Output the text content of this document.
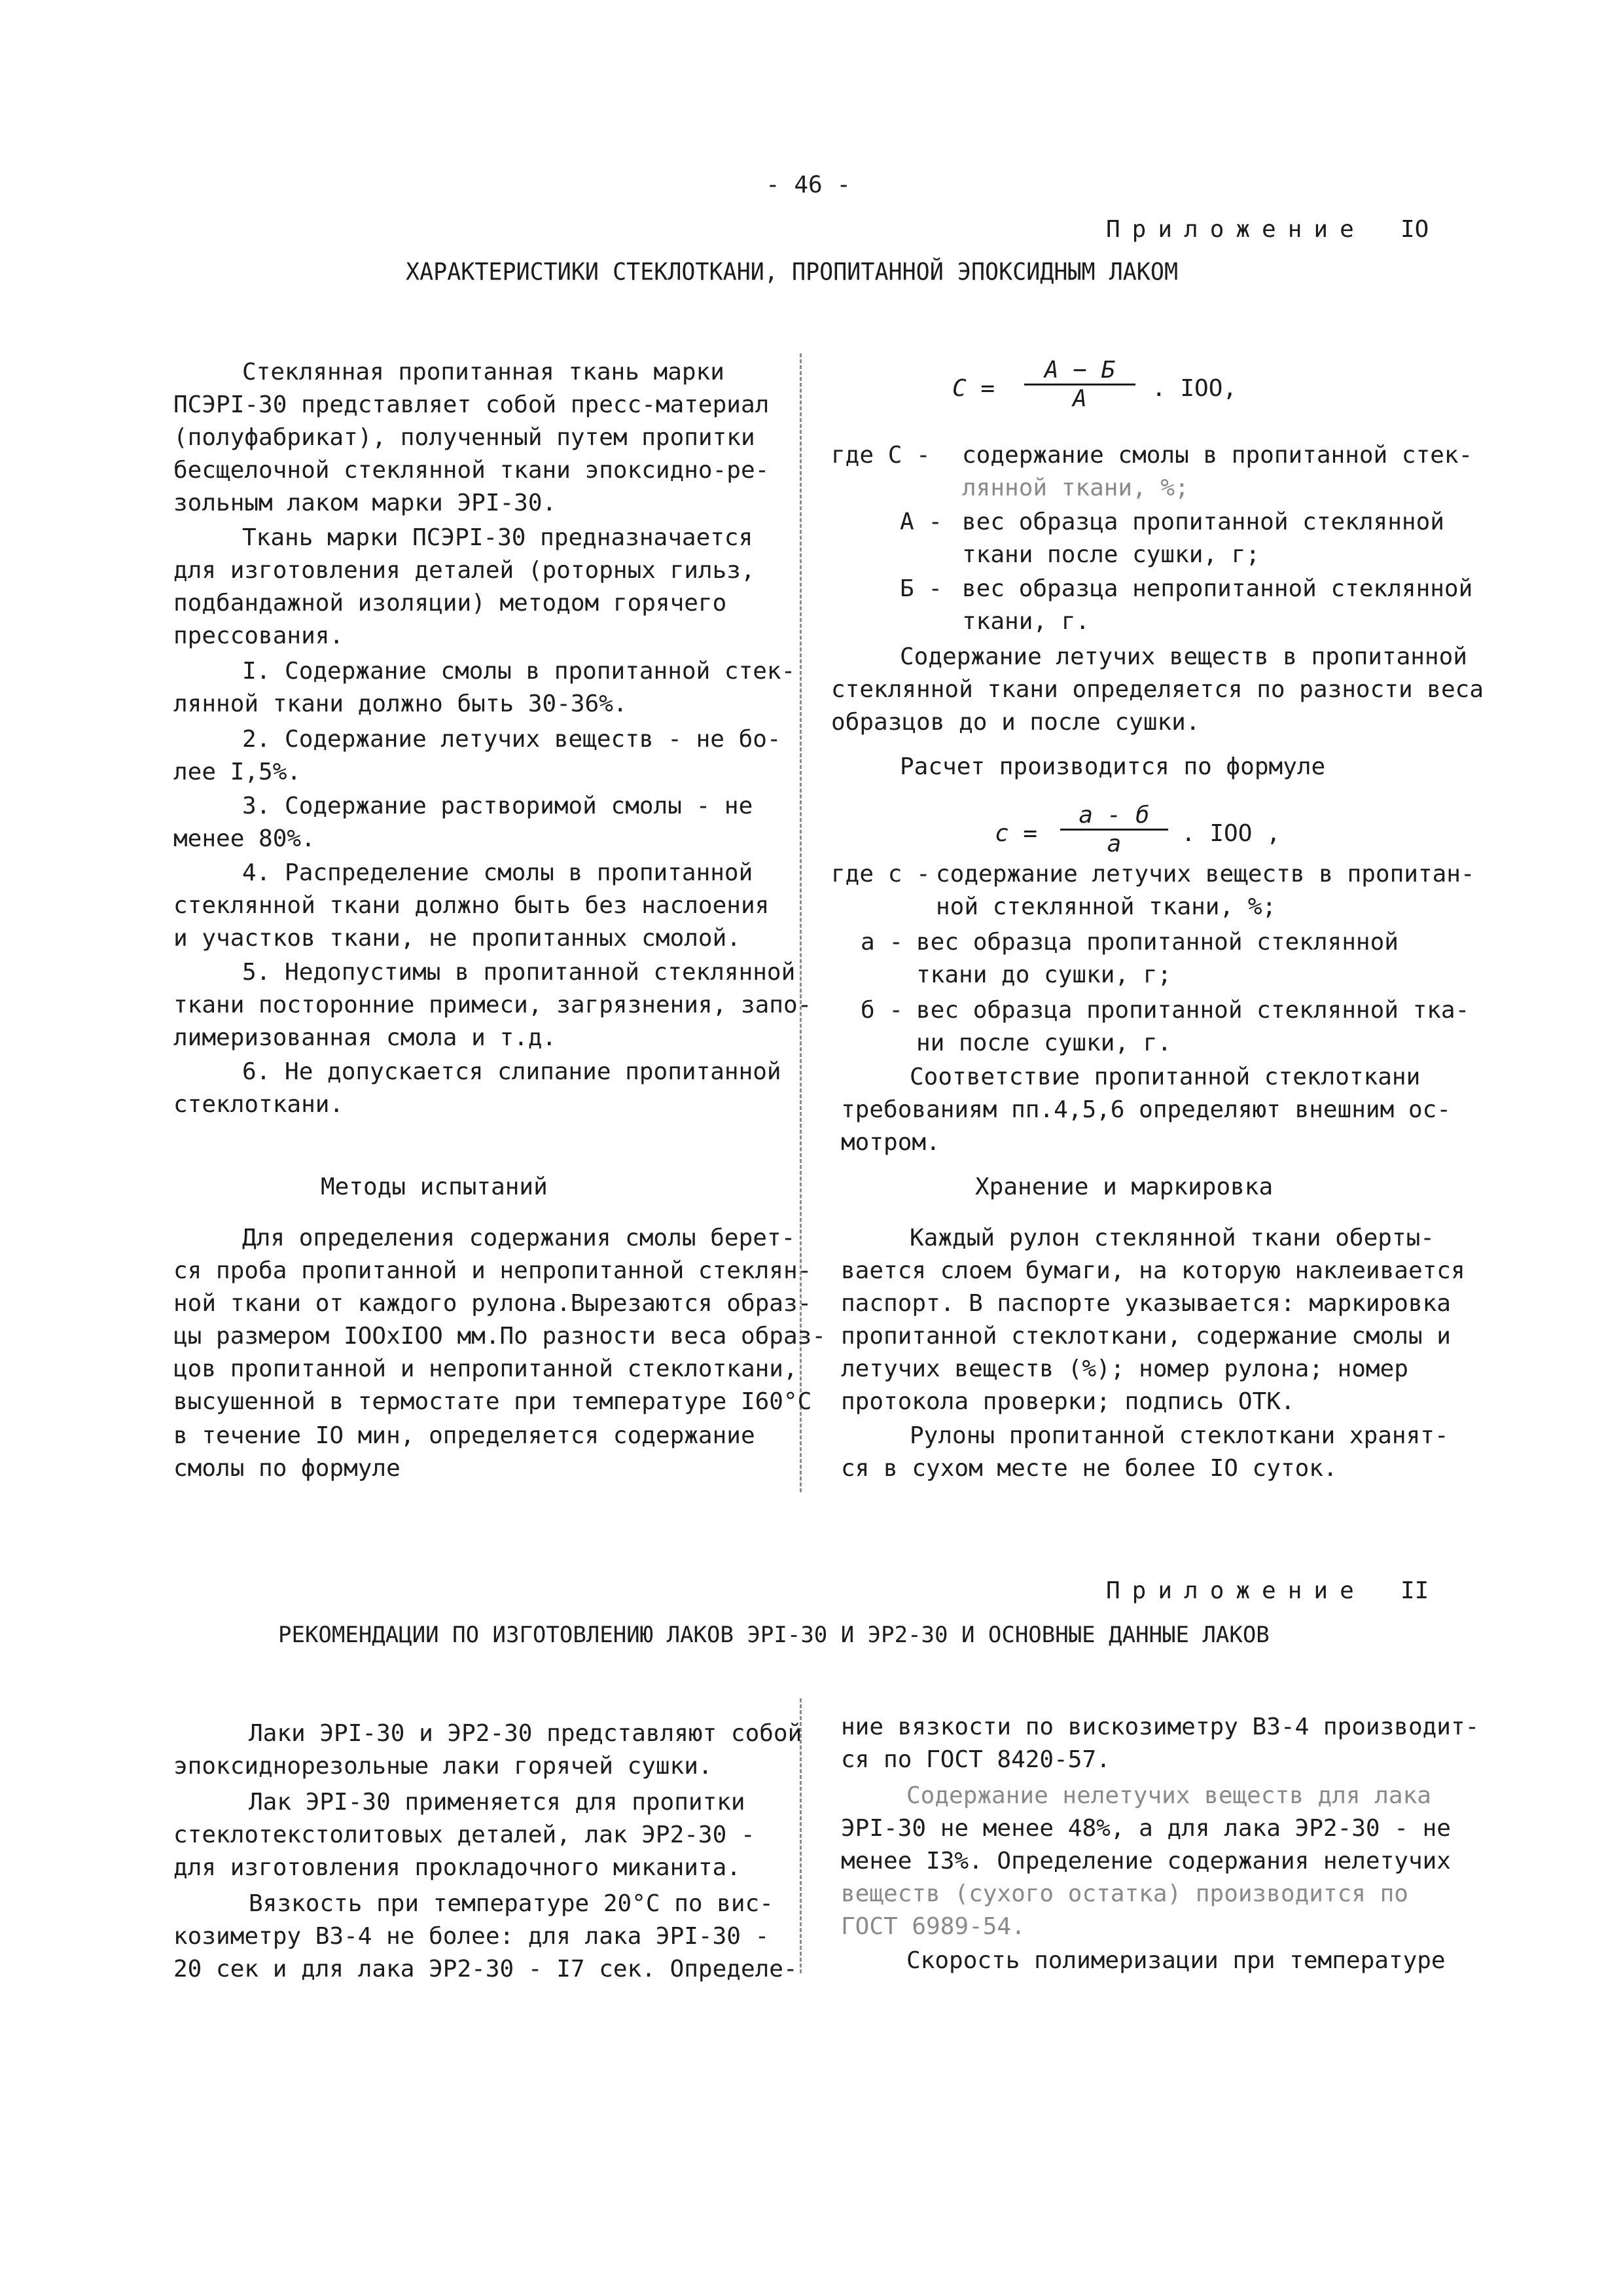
- 46 -
Приложение IO
ХАРАКТЕРИСТИКИ СТЕКЛОТКАНИ, ПРОПИТАННОЙ ЭПОКСИДНЫМ ЛАКОМ
Стеклянная пропитанная ткань марки
ПСЭРI-30 представляет собой пресс-материал
(полуфабрикат), полученный путем пропитки
бесщелочной стеклянной ткани эпоксидно-ре-
зольным лаком марки ЭРI-30.
Ткань марки ПСЭРI-30 предназначается
для изготовления деталей (роторных гильз,
подбандажной изоляции) методом горячего
прессования.
I. Содержание смолы в пропитанной стек-
лянной ткани должно быть 30-36%.
2. Содержание летучих веществ - не бо-
лее I,5%.
3. Содержание растворимой смолы - не
менее 80%.
4. Распределение смолы в пропитанной
стеклянной ткани должно быть без наслоения
и участков ткани, не пропитанных смолой.
5. Недопустимы в пропитанной стеклянной
ткани посторонние примеси, загрязнения, запо-
лимеризованная смола и т.д.
6. Не допускается слипание пропитанной
стеклоткани.
Методы испытаний
Для определения содержания смолы берет-
ся проба пропитанной и непропитанной стеклян-
ной ткани от каждого рулона.Вырезаются образ-
цы размером IOOxIOO мм.По разности веса образ-
цов пропитанной и непропитанной стеклоткани,
высушенной в термостате при температуре I60°С
в течение IO мин, определяется содержание
смолы по формуле
С =
А − Б
А	. IOO,
где С - содержание смолы в пропитанной стек-
лянной ткани, %;
А - вес образца пропитанной стеклянной
ткани после сушки, г;
Б - вес образца непропитанной стеклянной
ткани, г.
Содержание летучих веществ в пропитанной
стеклянной ткани определяется по разности веса
образцов до и после сушки.
Расчет производится по формуле
с =
а - б
а	. IOO ,
где с - содержание летучих веществ в пропитан-
ной стеклянной ткани, %;
а - вес образца пропитанной стеклянной
ткани до сушки, г;
б - вес образца пропитанной стеклянной тка-
ни после сушки, г.
Соответствие пропитанной стеклоткани
требованиям пп.4,5,6 определяют внешним ос-
мотром.
Хранение и маркировка
Каждый рулон стеклянной ткани оберты-
вается слоем бумаги, на которую наклеивается
паспорт. В паспорте указывается: маркировка
пропитанной стеклоткани, содержание смолы и
летучих веществ (%); номер рулона; номер
протокола проверки; подпись ОТК.
Рулоны пропитанной стеклоткани хранят-
ся в сухом месте не более IO суток.
Приложение II
РЕКОМЕНДАЦИИ ПО ИЗГОТОВЛЕНИЮ ЛАКОВ ЭРI-30 И ЭР2-30 И ОСНОВНЫЕ ДАННЫЕ ЛАКОВ
Лаки ЭРI-30 и ЭР2-30 представляют собой
эпоксиднорезольные лаки горячей сушки.
Лак ЭРI-30 применяется для пропитки
стеклотекстолитовых деталей, лак ЭР2-30 -
для изготовления прокладочного миканита.
Вязкость при температуре 20°С по вис-
козиметру ВЗ-4 не более: для лака ЭРI-30 -
20 сек и для лака ЭР2-30 - I7 сек. Определе-
ние вязкости по вискозиметру ВЗ-4 производит-
ся по ГОСТ 8420-57.
Содержание нелетучих веществ для лака
ЭРI-30 не менее 48%, а для лака ЭР2-30 - не
менее I3%. Определение содержания нелетучих
веществ (сухого остатка) производится по
ГОСТ 6989-54.
Скорость полимеризации при температуре
